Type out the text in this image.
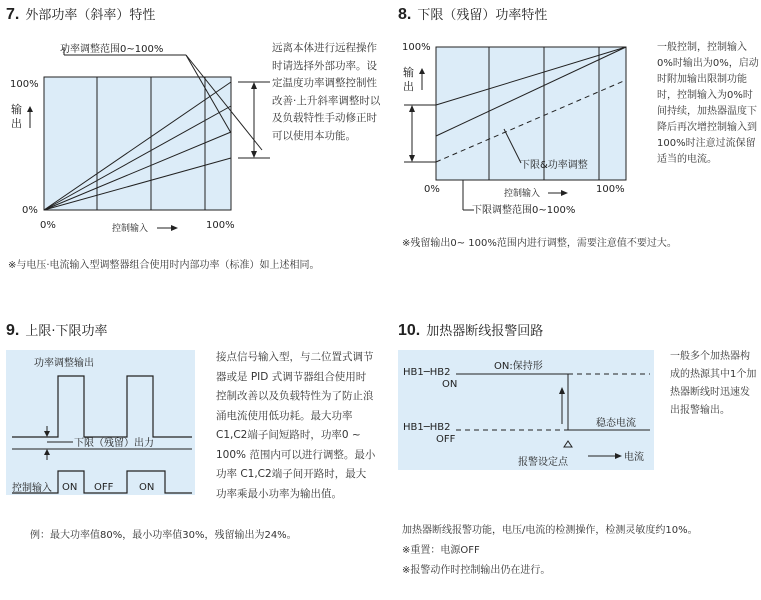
7. 外部功率（斜率）特性
功率调整范围0~100%
100%
输
出
0%
0%	控制输入	100%
远离本体进行远程操作时请选择外部功率。设定温度功率调整控制性改善·上升斜率调整时以及负载特性手动修正时可以使用本功能。
※与电压·电流输入型调整器组合使用时内部功率（标准）如上述相同。
8. 下限（残留）功率特性
下限&功率调整
100%
输
出
0%
下限调整范围0~100%
控制输入	100%
一般控制，控制输入0%时输出为0%，启动时附加输出限制功能时，控制输入为0%时间持续，加热器温度下降后再次增控制输入到100%时注意过流保留适当的电流。
※残留输出0~ 100%范围内进行调整，需要注意值不要过大。
9. 上限·下限功率
功率调整输出
下限（残留）出力
控制输入 ON OFF	ON
接点信号输入型，与二位置式调节器或是 PID 式调节器组合使用时控制改善以及负载特性为了防止浪涌电流使用低功耗。最大功率C1,C2端子间短路时，功率0 ~ 100% 范围内可以进行调整。最小功率 C1,C2端子间开路时，最大功率乘最小功率为输出值。
例：最大功率值80%，最小功率值30%，残留输出为24%。
10. 加热器断线报警回路
HB1─HB2
ON
HB1─HB2
OFF
ON:保持形
稳态电流
报警设定点	电流
一般多个加热器构成的热源其中1个加热器断线时迅速发出报警输出。
加热器断线报警功能，电压/电流的检测操作，检测灵敏度约10%。
※重置：电源OFF
※报警动作时控制输出仍在进行。
